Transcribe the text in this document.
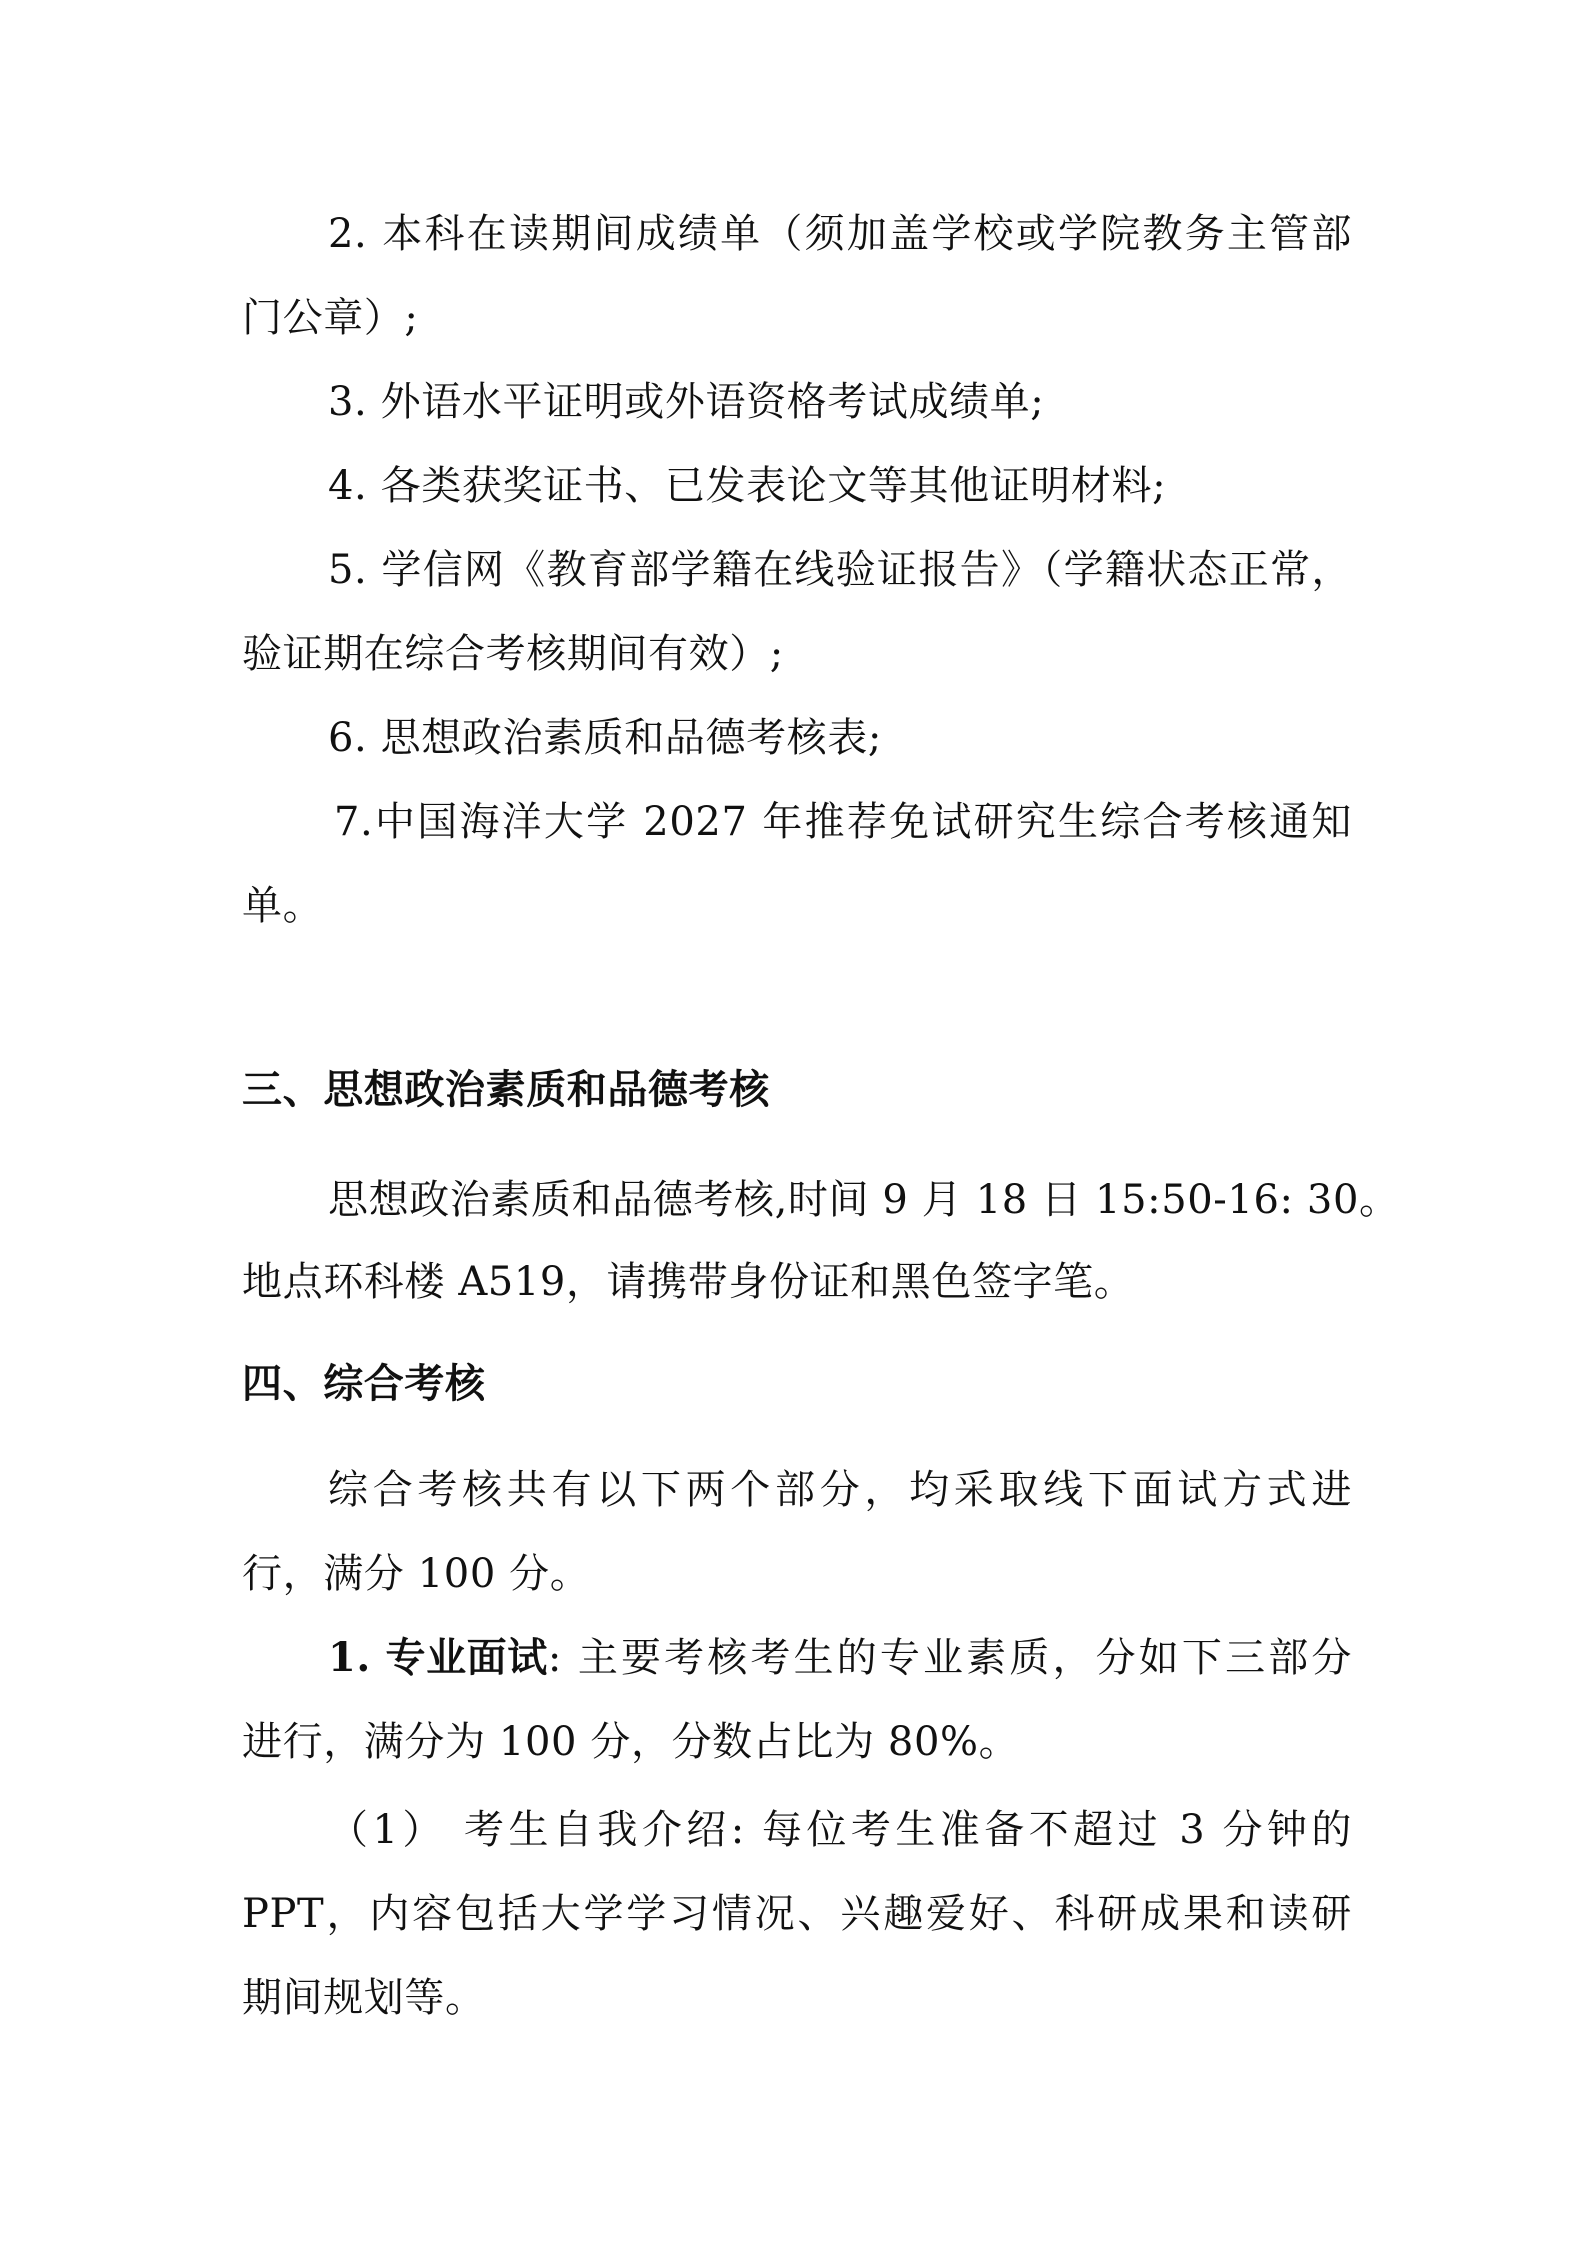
2. 本科在读期间成绩单（须加盖学校或学院教务主管部
门公章）;
3. 外语水平证明或外语资格考试成绩单;
4. 各类获奖证书、已发表论文等其他证明材料;
5. 学信网《教育部学籍在线验证报告》（学籍状态正常，
验证期在综合考核期间有效）;
6. 思想政治素质和品德考核表;
7.中国海洋大学 2027 年推荐免试研究生综合考核通知
单。
三、思想政治素质和品德考核
思想政治素质和品德考核,时间 9 月 18 日 15:50-16: 30。
地点环科楼 A519，请携带身份证和黑色签字笔。
四、综合考核
综合考核共有以下两个部分，均采取线下面试方式进
行，满分 100 分。
1. 专业面试 : 主要考核考生的专业素质，分如下三部分
进行，满分为 100 分，分数占比为 80%。
（1） 考生自我介绍: 每位考生准备不超过 3 分钟的
PPT，内容包括大学学习情况、兴趣爱好、科研成果和读研
期间规划等。
